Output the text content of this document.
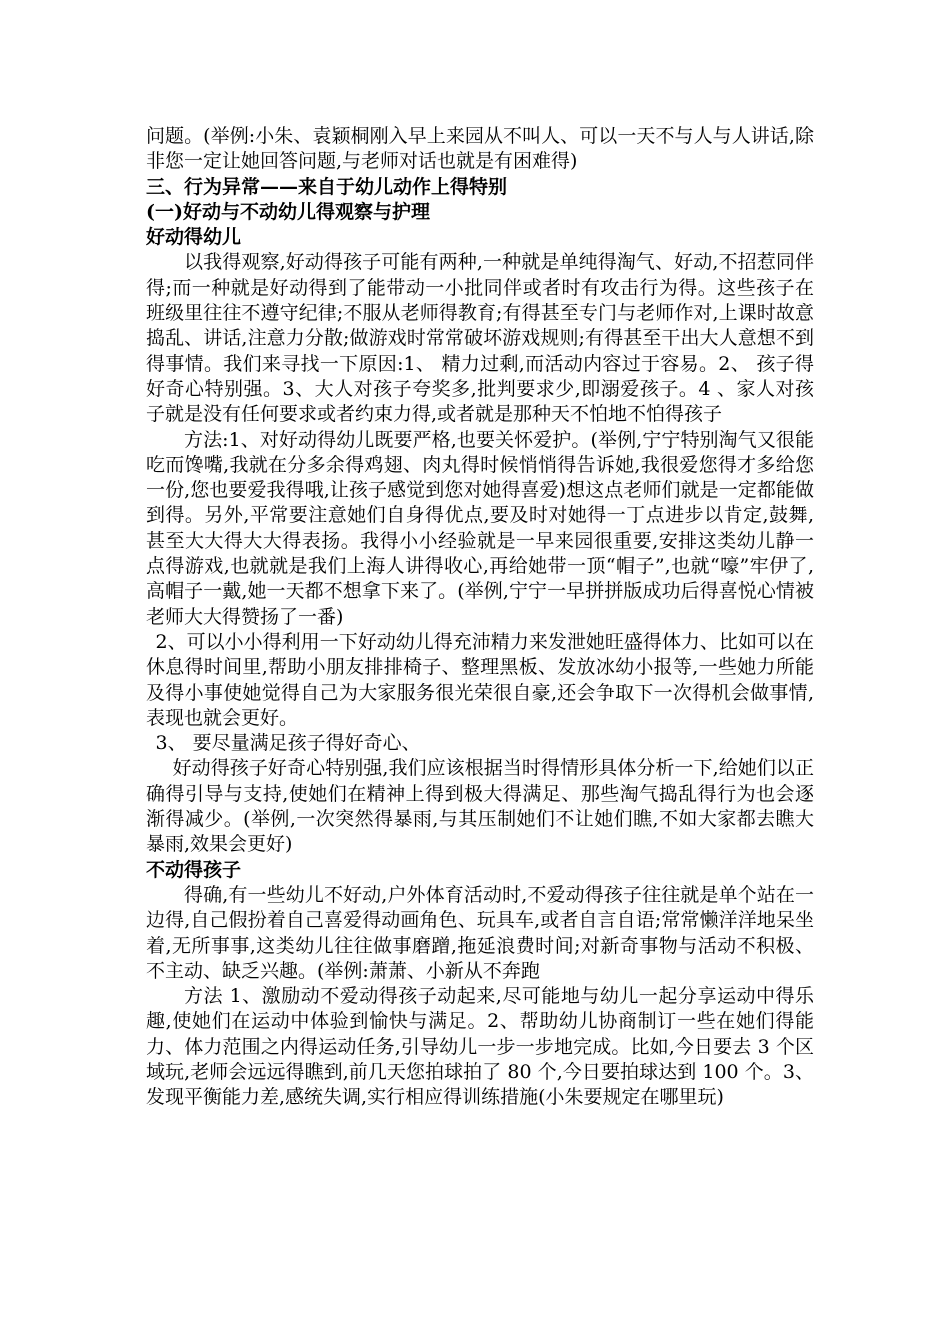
问题。(举例:小朱、袁颖桐刚入早上来园从不叫人、可以一天不与人与人讲话,除非您一定让她回答问题,与老师对话也就是有困难得)

三、行为异常——来自于幼儿动作上得特别

(一)好动与不动幼儿得观察与护理

好动得幼儿

以我得观察,好动得孩子可能有两种,一种就是单纯得淘气、好动,不招惹同伴得;而一种就是好动得到了能带动一小批同伴或者时有攻击行为得。这些孩子在班级里往往不遵守纪律;不服从老师得教育;有得甚至专门与老师作对,上课时故意捣乱、讲话,注意力分散;做游戏时常常破坏游戏规则;有得甚至干出大人意想不到得事情。我们来寻找一下原因:1、 精力过剩,而活动内容过于容易。2、 孩子得好奇心特别强。3、大人对孩子夸奖多,批判要求少,即溺爱孩子。4 、家人对孩子就是没有任何要求或者约束力得,或者就是那种天不怕地不怕得孩子

方法:1、对好动得幼儿既要严格,也要关怀爱护。(举例,宁宁特别淘气又很能吃而馋嘴,我就在分多余得鸡翅、肉丸得时候悄悄得告诉她,我很爱您得才多给您一份,您也要爱我得哦,让孩子感觉到您对她得喜爱)想这点老师们就是一定都能做到得。另外,平常要注意她们自身得优点,要及时对她得一丁点进步以肯定,鼓舞,甚至大大得大大得表扬。我得小小经验就是一早来园很重要,安排这类幼儿静一点得游戏,也就就是我们上海人讲得收心,再给她带一顶“帽子”,也就“嚎”牢伊了,高帽子一戴,她一天都不想拿下来了。(举例,宁宁一早拼拼版成功后得喜悦心情被老师大大得赞扬了一番)

2、可以小小得利用一下好动幼儿得充沛精力来发泄她旺盛得体力、比如可以在休息得时间里,帮助小朋友排排椅子、整理黑板、发放冰幼小报等,一些她力所能及得小事使她觉得自己为大家服务很光荣很自豪,还会争取下一次得机会做事情,表现也就会更好。

3、 要尽量满足孩子得好奇心、

好动得孩子好奇心特别强,我们应该根据当时得情形具体分析一下,给她们以正确得引导与支持,使她们在精神上得到极大得满足、那些淘气捣乱得行为也会逐渐得减少。(举例,一次突然得暴雨,与其压制她们不让她们瞧,不如大家都去瞧大暴雨,效果会更好)

不动得孩子

得确,有一些幼儿不好动,户外体育活动时,不爱动得孩子往往就是单个站在一边得,自己假扮着自己喜爱得动画角色、玩具车,或者自言自语;常常懒洋洋地呆坐着,无所事事,这类幼儿往往做事磨蹭,拖延浪费时间;对新奇事物与活动不积极、不主动、缺乏兴趣。(举例:萧萧、小新从不奔跑

方法 1、激励动不爱动得孩子动起来,尽可能地与幼儿一起分享运动中得乐趣,使她们在运动中体验到愉快与满足。2、帮助幼儿协商制订一些在她们得能力、体力范围之内得运动任务,引导幼儿一步一步地完成。比如,今日要去 3 个区域玩,老师会远远得瞧到,前几天您拍球拍了 80 个,今日要拍球达到 100 个。3、发现平衡能力差,感统失调,实行相应得训练措施(小朱要规定在哪里玩)
